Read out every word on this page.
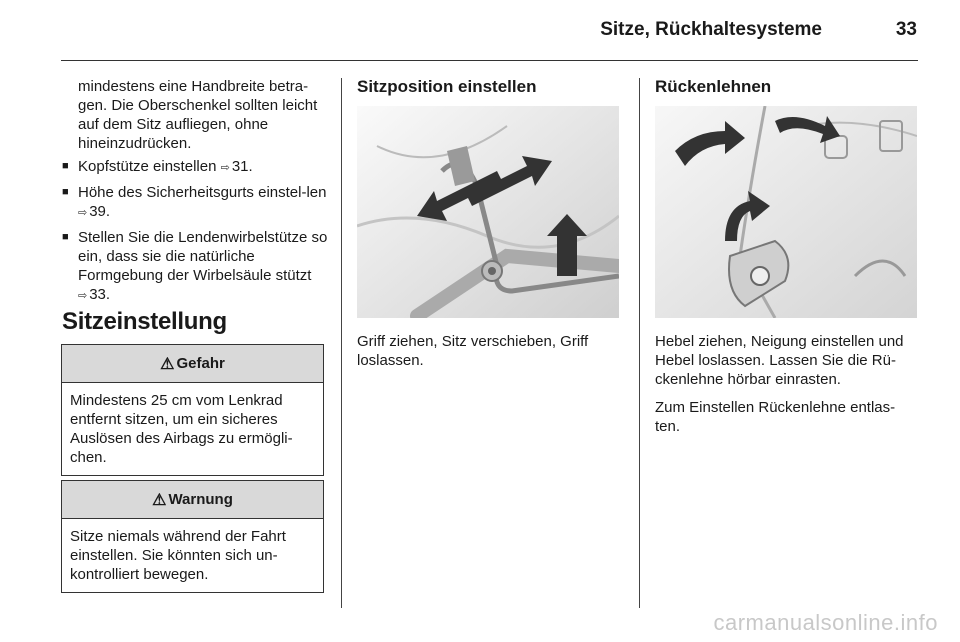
Sitze, Rückhaltesysteme	33

mindestens eine Handbreite betra-gen. Die Oberschenkel sollten leicht auf dem Sitz aufliegen, ohne hineinzudrücken.

■ Kopfstütze einstellen ⇨ 31.
■ Höhe des Sicherheitsgurts einstel-len ⇨ 39.
■ Stellen Sie die Lendenwirbelstütze so ein, dass sie die natürliche Formgebung der Wirbelsäule stützt ⇨ 33.
Sitzeinstellung
⚠ Gefahr
Mindestens 25 cm vom Lenkrad entfernt sitzen, um ein sicheres Auslösen des Airbags zu ermögli-chen.
⚠ Warnung
Sitze niemals während der Fahrt einstellen. Sie könnten sich un-kontrolliert bewegen.
Sitzposition einstellen
Griff ziehen, Sitz verschieben, Griff loslassen.
Rückenlehnen

Hebel ziehen, Neigung einstellen und Hebel loslassen. Lassen Sie die Rü-ckenlehne hörbar einrasten.

Zum Einstellen Rückenlehne entlas-ten.

carmanualsonline.info
